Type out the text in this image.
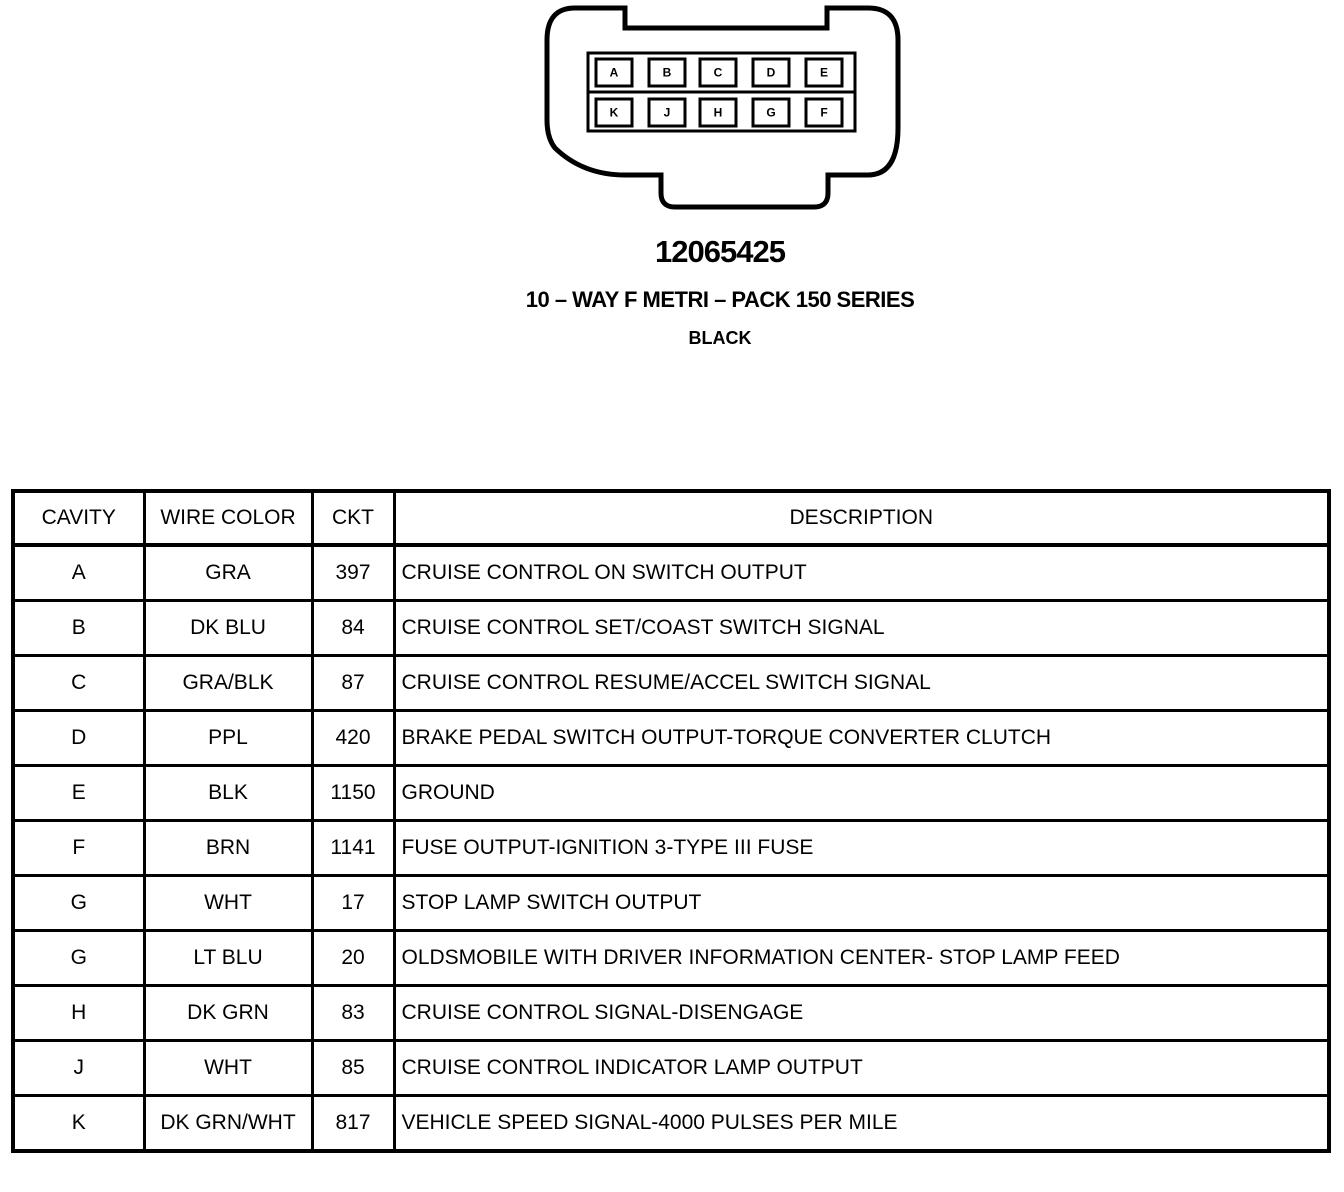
A	B	C	D	E
K	J	H	G	F
12065425
10 – WAY F METRI – PACK 150 SERIES
BLACK
CAVITY	WIRE COLOR	CKT	DESCRIPTION
A	GRA	397	CRUISE CONTROL ON SWITCH OUTPUT
B	DK BLU	84	CRUISE CONTROL SET/COAST SWITCH SIGNAL
C	GRA/BLK	87	CRUISE CONTROL RESUME/ACCEL SWITCH SIGNAL
D	PPL	420	BRAKE PEDAL SWITCH OUTPUT-TORQUE CONVERTER CLUTCH
E	BLK	1150	GROUND
F	BRN	1141	FUSE OUTPUT-IGNITION 3-TYPE III FUSE
G	WHT	17	STOP LAMP SWITCH OUTPUT
G	LT BLU	20	OLDSMOBILE WITH DRIVER INFORMATION CENTER- STOP LAMP FEED
H	DK GRN	83	CRUISE CONTROL SIGNAL-DISENGAGE
J	WHT	85	CRUISE CONTROL INDICATOR LAMP OUTPUT
K	DK GRN/WHT	817	VEHICLE SPEED SIGNAL-4000 PULSES PER MILE
